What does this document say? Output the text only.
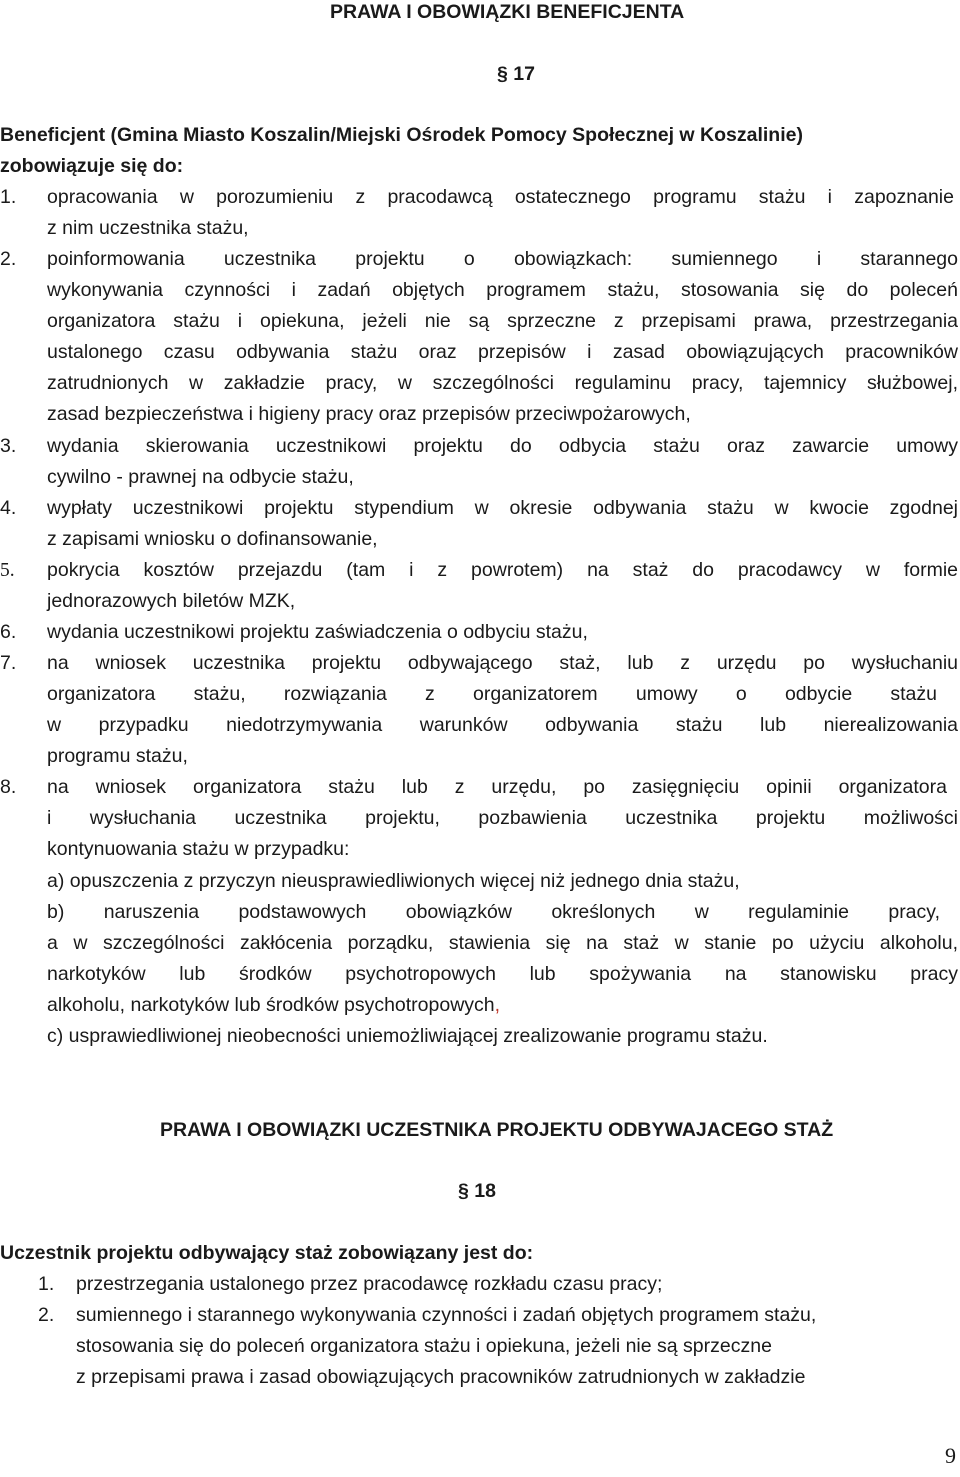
PRAWA I OBOWIĄZKI BENEFICJENTA
§ 17
Beneficjent (Gmina Miasto Koszalin/Miejski Ośrodek Pomocy Społecznej w Koszalinie)
zobowiązuje się do:
1. opracowania w porozumieniu z pracodawcą ostatecznego programu stażu i zapoznanie
z nim uczestnika stażu,
2. poinformowania uczestnika projektu o obowiązkach: sumiennego i starannego
wykonywania czynności i zadań objętych programem stażu, stosowania się do poleceń
organizatora stażu i opiekuna, jeżeli nie są sprzeczne z przepisami prawa, przestrzegania
ustalonego czasu odbywania stażu oraz przepisów i zasad obowiązujących pracowników
zatrudnionych w zakładzie pracy, w szczególności regulaminu pracy, tajemnicy służbowej,
zasad bezpieczeństwa i higieny pracy oraz przepisów przeciwpożarowych,
3. wydania skierowania uczestnikowi projektu do odbycia stażu oraz zawarcie umowy
cywilno - prawnej na odbycie stażu,
4. wypłaty uczestnikowi projektu stypendium w okresie odbywania stażu w kwocie zgodnej
z zapisami wniosku o dofinansowanie,
5. pokrycia kosztów przejazdu (tam i z powrotem) na staż do pracodawcy w formie
jednorazowych biletów MZK,
6. wydania uczestnikowi projektu zaświadczenia o odbyciu stażu,
7. na wniosek uczestnika projektu odbywającego staż, lub z urzędu po wysłuchaniu
organizatora stażu, rozwiązania z organizatorem umowy o odbycie stażu
w przypadku niedotrzymywania warunków odbywania stażu lub nierealizowania
programu stażu,
8. na wniosek organizatora stażu lub z urzędu, po zasięgnięciu opinii organizatora
i wysłuchania uczestnika projektu, pozbawienia uczestnika projektu możliwości
kontynuowania stażu w przypadku:
a) opuszczenia z przyczyn nieusprawiedliwionych więcej niż jednego dnia stażu,
b) naruszenia podstawowych obowiązków określonych w regulaminie pracy,
a w szczególności zakłócenia porządku, stawienia się na staż w stanie po użyciu alkoholu,
narkotyków lub środków psychotropowych lub spożywania na stanowisku pracy
alkoholu, narkotyków lub środków psychotropowych,
c) usprawiedliwionej nieobecności uniemożliwiającej zrealizowanie programu stażu.
PRAWA I OBOWIĄZKI UCZESTNIKA PROJEKTU ODBYWAJACEGO STAŻ
§ 18
Uczestnik projektu odbywający staż zobowiązany jest do:
1. przestrzegania ustalonego przez pracodawcę rozkładu czasu pracy;
2. sumiennego i starannego wykonywania czynności i zadań objętych programem stażu,
stosowania się do poleceń organizatora stażu i opiekuna, jeżeli nie są sprzeczne
z przepisami prawa i zasad obowiązujących pracowników zatrudnionych w zakładzie
9
